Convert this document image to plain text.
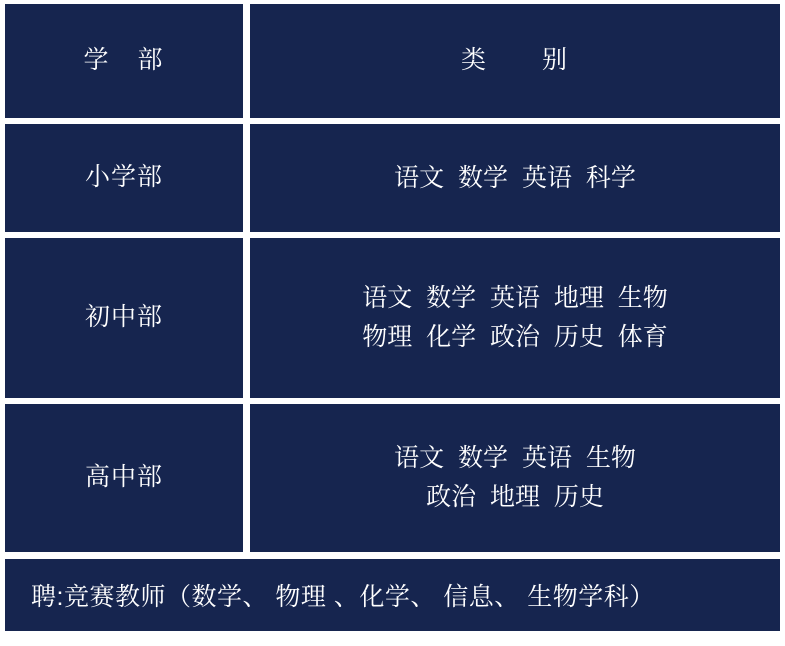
学　部	类　　别
小学部	语文  数学  英语  科学
初中部
语文  数学  英语  地理  生物
物理  化学  政治  历史  体育
高中部
语文  数学  英语  生物
政治  地理  历史
聘:竞赛教师（数学、 物理 、化学、 信息、 生物学科）
